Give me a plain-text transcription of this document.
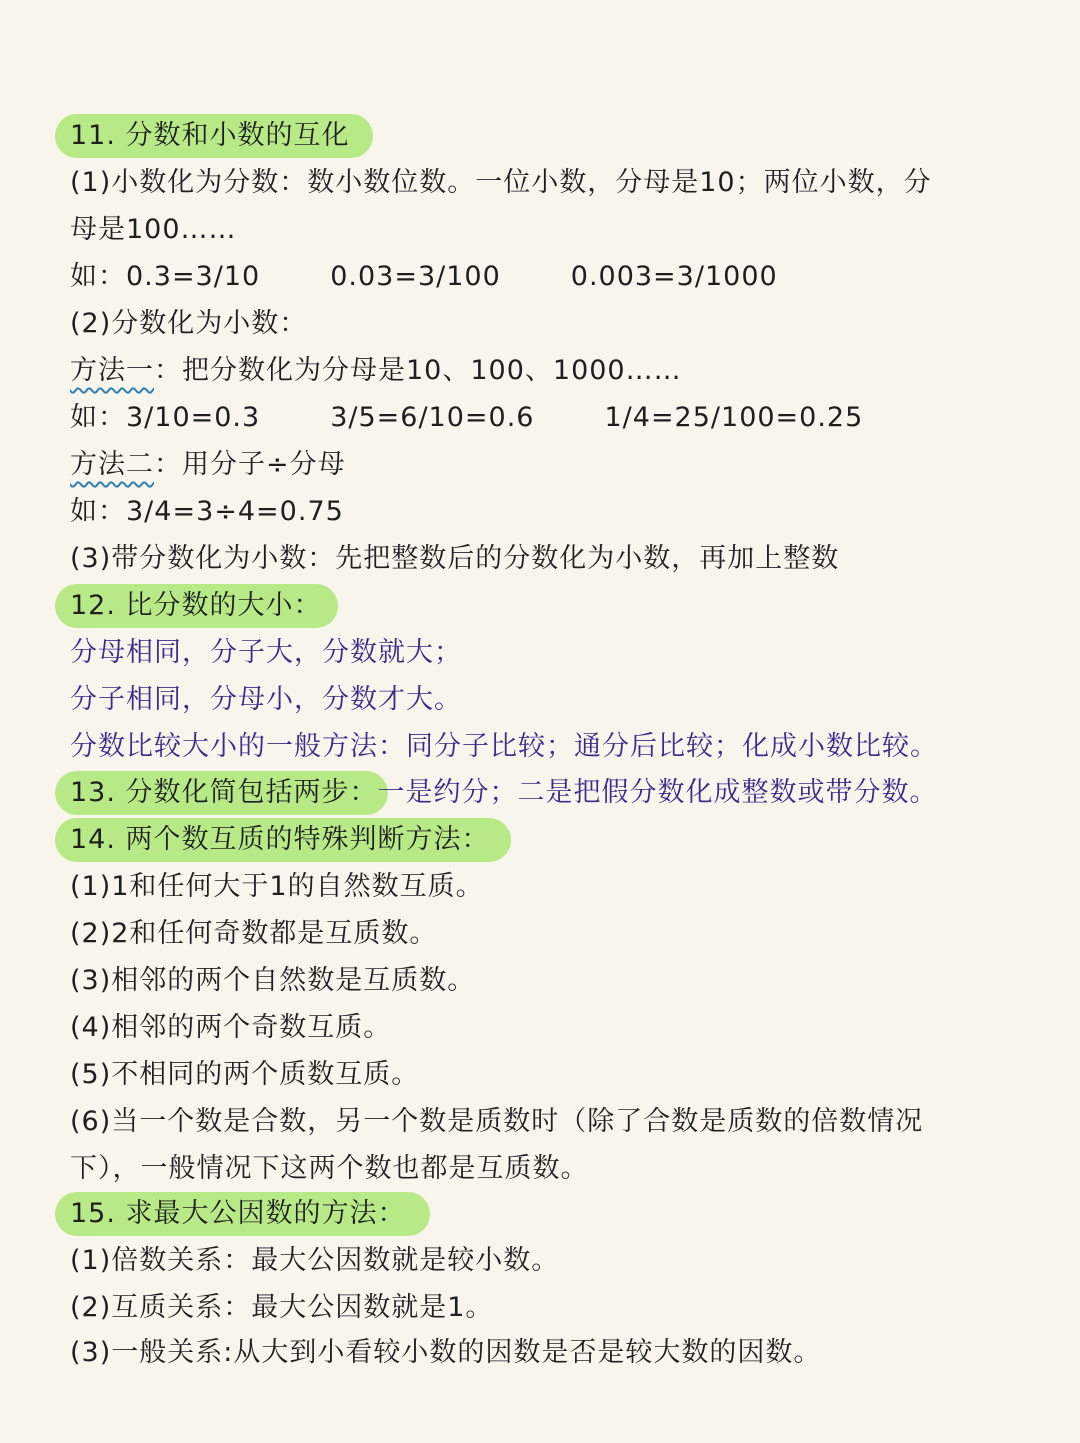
11. 分数和小数的互化
(1)小数化为分数：数小数位数。一位小数，分母是10；两位小数，分
母是100……
如：0.3=3/10	0.03=3/100	0.003=3/1000
(2)分数化为小数：
方法一：把分数化为分母是10、100、1000……
如：3/10=0.3	3/5=6/10=0.6	1/4=25/100=0.25
方法二：用分子÷分母
如：3/4=3÷4=0.75
(3)带分数化为小数：先把整数后的分数化为小数，再加上整数
12. 比分数的大小：
分母相同，分子大，分数就大；
分子相同，分母小，分数才大。
分数比较大小的一般方法：同分子比较；通分后比较；化成小数比较。
13. 分数化简包括两步：一是约分；二是把假分数化成整数或带分数。
14. 两个数互质的特殊判断方法：
(1)1和任何大于1的自然数互质。
(2)2和任何奇数都是互质数。
(3)相邻的两个自然数是互质数。
(4)相邻的两个奇数互质。
(5)不相同的两个质数互质。
(6)当一个数是合数，另一个数是质数时（除了合数是质数的倍数情况
下），一般情况下这两个数也都是互质数。
15. 求最大公因数的方法：
(1)倍数关系：最大公因数就是较小数。
(2)互质关系：最大公因数就是1。
(3)一般关系:从大到小看较小数的因数是否是较大数的因数。
